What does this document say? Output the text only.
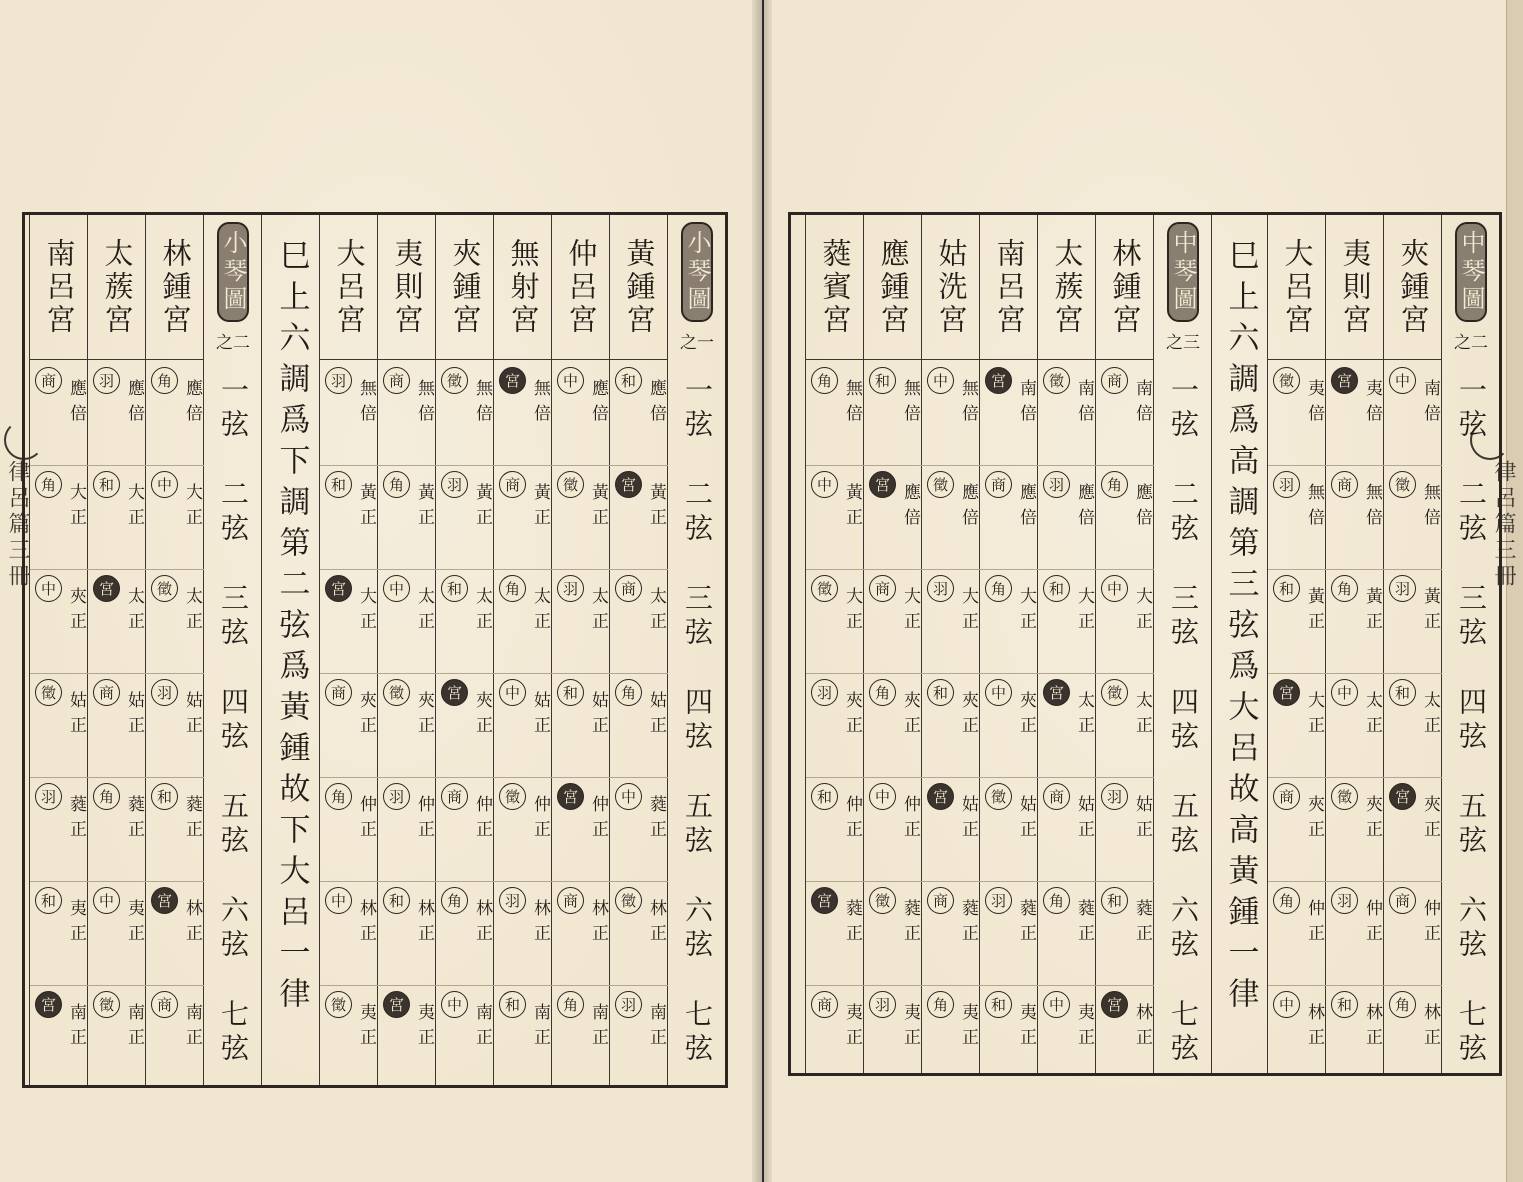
律呂篇三冊	律呂篇三冊
小琴圖
之一
一弦
二弦
三弦
四弦
五弦
六弦
七弦
黃鍾宮
和 應倍
宮 黃正
商 太正
角 姑正
中 蕤正
徵 林正
羽 南正
仲呂宮
中 應倍
徵 黃正
羽 太正
和 姑正
宮 仲正
商 林正
角 南正
無射宮
宮 無倍
商 黃正
角 太正
中 姑正
徵 仲正
羽 林正
和 南正
夾鍾宮
徵 無倍
羽 黃正
和 太正
宮 夾正
商 仲正
角 林正
中 南正
夷則宮
商 無倍
角 黃正
中 太正
徵 夾正
羽 仲正
和 林正
宮 夷正
大呂宮
羽 無倍
和 黃正
宮 大正
商 夾正
角 仲正
中 林正
徵 夷正
巳上六調爲下調第二弦爲黃鍾故下大呂一律
小琴圖
之二
一弦
二弦
三弦
四弦
五弦
六弦
七弦
林鍾宮
角 應倍
中 大正
徵 太正
羽 姑正
和 蕤正
宮 林正
商 南正
太蔟宮
羽 應倍
和 大正
宮 太正
商 姑正
角 蕤正
中 夷正
徵 南正
南呂宮
商 應倍
角 大正
中 夾正
徵 姑正
羽 蕤正
和 夷正
宮 南正
中琴圖
之二
一弦
二弦
三弦
四弦
五弦
六弦
七弦
夾鍾宮
中 南倍
徵 無倍
羽 黃正
和 太正
宮 夾正
商 仲正
角 林正
夷則宮
宮 夷倍
商 無倍
角 黃正
中 太正
徵 夾正
羽 仲正
和 林正
大呂宮
徵 夷倍
羽 無倍
和 黃正
宮 大正
商 夾正
角 仲正
中 林正
巳上六調爲高調第三弦爲大呂故高黃鍾一律
中琴圖
之三
一弦
二弦
三弦
四弦
五弦
六弦
七弦
林鍾宮
商 南倍
角 應倍
中 大正
徵 太正
羽 姑正
和 蕤正
宮 林正
太蔟宮
徵 南倍
羽 應倍
和 大正
宮 太正
商 姑正
角 蕤正
中 夷正
南呂宮
宮 南倍
商 應倍
角 大正
中 夾正
徵 姑正
羽 蕤正
和 夷正
姑洗宮
中 無倍
徵 應倍
羽 大正
和 夾正
宮 姑正
商 蕤正
角 夷正
應鍾宮
和 無倍
宮 應倍
商 大正
角 夾正
中 仲正
徵 蕤正
羽 夷正
蕤賓宮
角 無倍
中 黃正
徵 大正
羽 夾正
和 仲正
宮 蕤正
商 夷正
